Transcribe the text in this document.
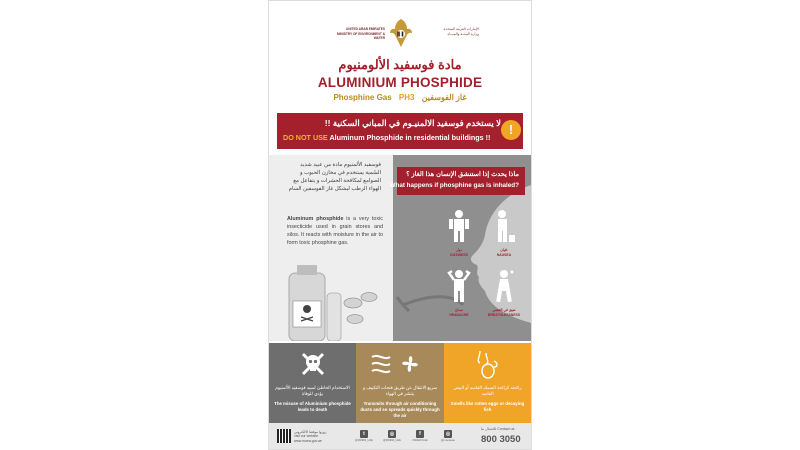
UNITED ARAB EMIRATES
MINISTRY OF ENVIRONMENT & WATER
الإمارات العربية المتحدة
وزارة البيئــة والميــاه
مادة فوسفيد الألومنيوم
ALUMINIUM PHOSPHIDE
Phosphine Gas PH3 غاز الفوسفين
لا يستخدم فوسفيد الالمنيـوم في المباني السكنية !!
DO NOT USE Aluminum Phosphide in residential buildings !!
!
فوسفيد الألمنيوم مادة من عبيد شديد السُمية يستخدم في مخازن الحبوب و الصوامع لمكافحة الحشرات و يتفاعل مع الهواء الرطب ليشكل غاز الفوسفين السام
Aluminum phosphide is a very toxic insecticide used in grain stores and silos. It reacts with moisture in the air to form toxic phosphine gas.
ماذا يحدث إذا استنشق الإنسان هذا الغاز ؟
What happens if phosphine gas is inhaled?
دوار
DIZZINESS
غثيان
NAUSEA
صداع
HEADACHE
ضيق في التنفس
BREATHLESSNESS
الاستخدام الخاطئ لمبيد فوسفيد الألمنيوم يؤدي للوفاة
The misuse of Aluminium phosphide leads to death
سريع الانتقال عن طريق فتحات التكييف و ينتشر في الهواء
Transmits through air conditioning ducts and so spreads quickly through the air
رائحته كرائحة السمك الفاسد أو البيض الفاسد
Smells like rotten eggs or decaying fish
زوروا موقعنا الالكتروني
visit our website
www.moew.gov.ae
t
@MOEW_UAE
◎
@MOEW_UAE
f
/MOEW.UAE
◎
@moewuae
للاتصال بنا Contact us
800 3050
